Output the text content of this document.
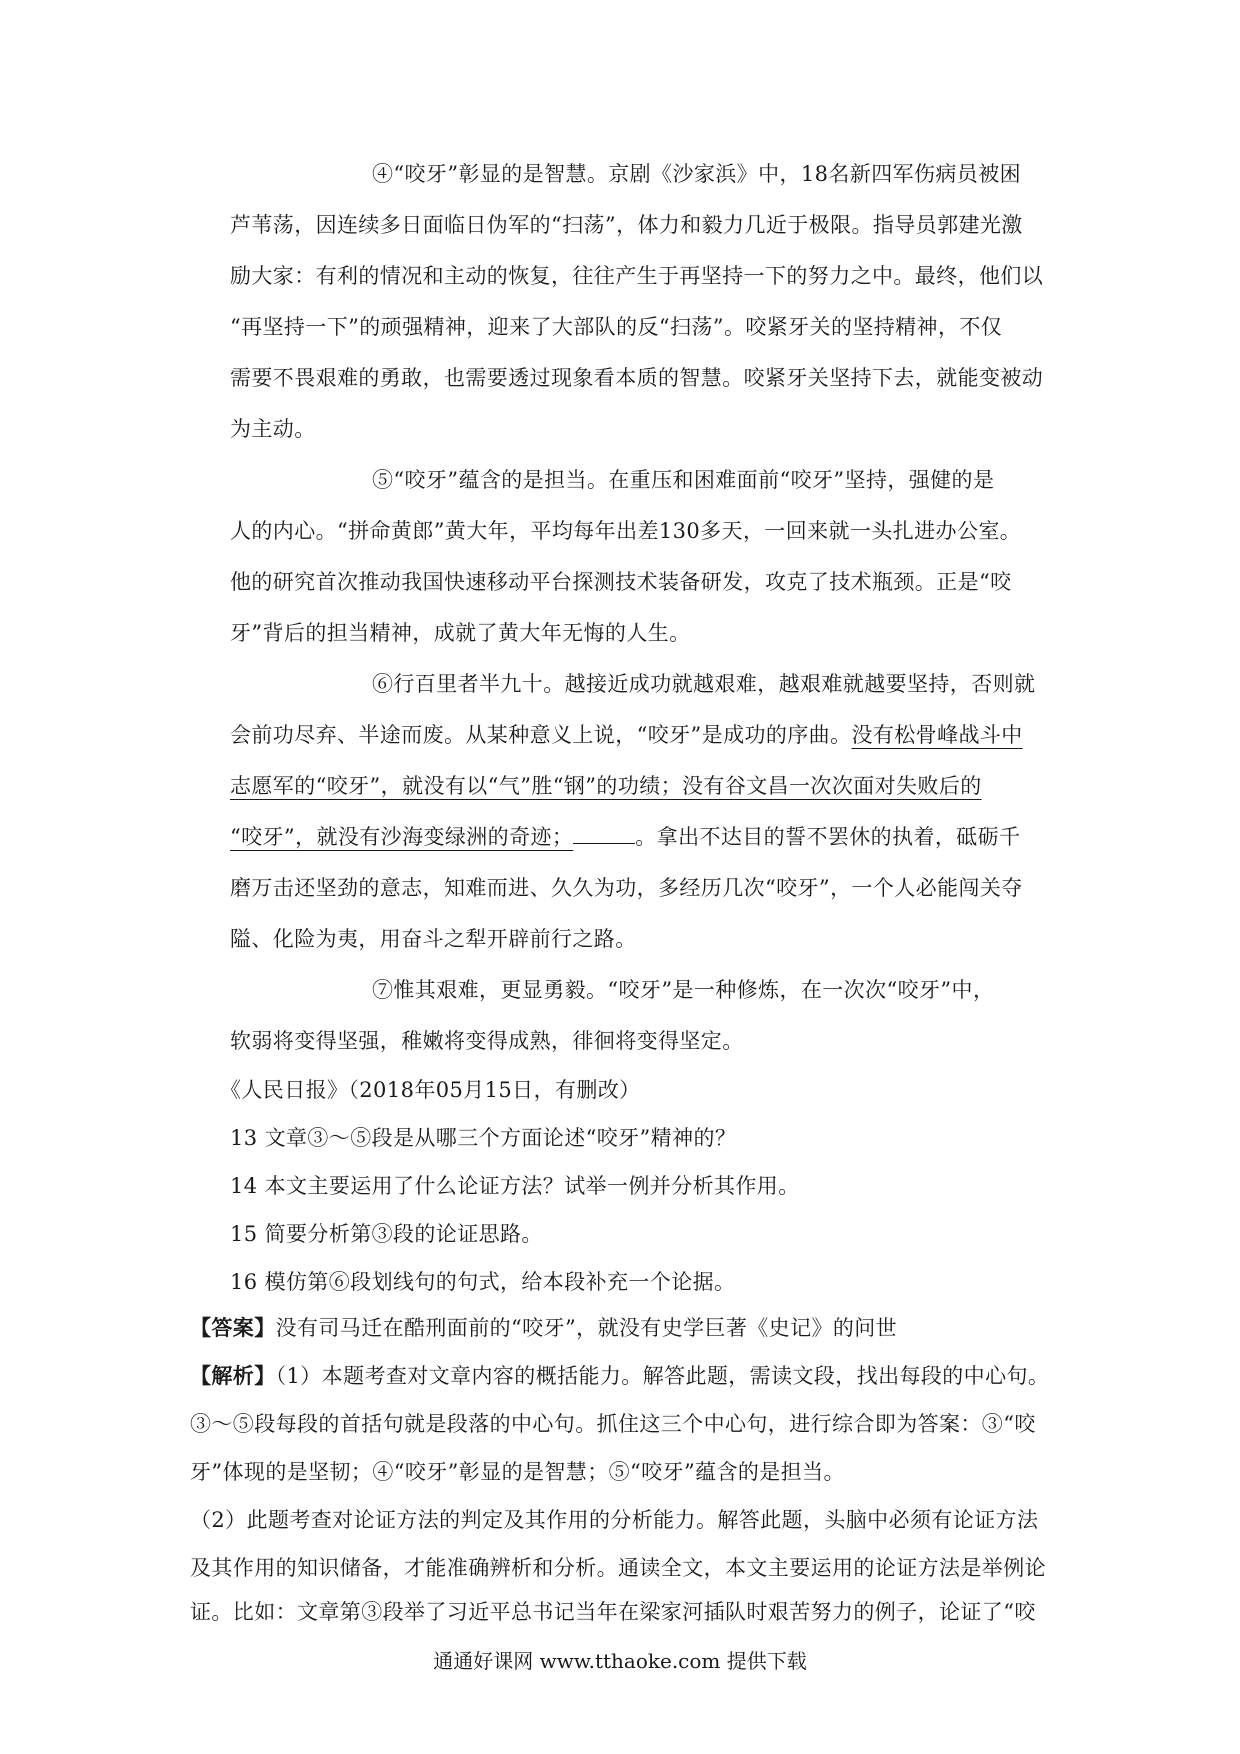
④“咬牙”彰显的是智慧。京剧《沙家浜》中，18名新四军伤病员被困

芦苇荡，因连续多日面临日伪军的“扫荡”，体力和毅力几近于极限。指导员郭建光激

励大家：有利的情况和主动的恢复，往往产生于再坚持一下的努力之中。最终，他们以

“再坚持一下”的顽强精神，迎来了大部队的反“扫荡”。咬紧牙关的坚持精神，不仅

需要不畏艰难的勇敢，也需要透过现象看本质的智慧。咬紧牙关坚持下去，就能变被动

为主动。

⑤“咬牙”蕴含的是担当。在重压和困难面前“咬牙”坚持，强健的是

人的内心。“拼命黄郎”黄大年，平均每年出差130多天，一回来就一头扎进办公室。

他的研究首次推动我国快速移动平台探测技术装备研发，攻克了技术瓶颈。正是“咬

牙”背后的担当精神，成就了黄大年无悔的人生。

⑥行百里者半九十。越接近成功就越艰难，越艰难就越要坚持，否则就

会前功尽弃、半途而废。从某种意义上说，“咬牙”是成功的序曲。没有松骨峰战斗中

志愿军的“咬牙”，就没有以“气”胜“钢”的功绩；没有谷文昌一次次面对失败后的

“咬牙”，就没有沙海变绿洲的奇迹；	。拿出不达目的誓不罢休的执着，砥砺千

磨万击还坚劲的意志，知难而进、久久为功，多经历几次“咬牙”，一个人必能闯关夺

隘、化险为夷，用奋斗之犁开辟前行之路。

⑦惟其艰难，更显勇毅。“咬牙”是一种修炼，在一次次“咬牙”中，

软弱将变得坚强，稚嫩将变得成熟，徘徊将变得坚定。

《人民日报》（2018年05月15日，有删改）

13 文章③～⑤段是从哪三个方面论述“咬牙”精神的？

14 本文主要运用了什么论证方法？试举一例并分析其作用。

15 简要分析第③段的论证思路。

16 模仿第⑥段划线句的句式，给本段补充一个论据。

【答案】没有司马迁在酷刑面前的“咬牙”，就没有史学巨著《史记》的问世

【解析】（1）本题考查对文章内容的概括能力。解答此题，需读文段，找出每段的中心句。

③～⑤段每段的首括句就是段落的中心句。抓住这三个中心句，进行综合即为答案：③“咬

牙”体现的是坚韧；④“咬牙”彰显的是智慧；⑤“咬牙”蕴含的是担当。

（2）此题考查对论证方法的判定及其作用的分析能力。解答此题，头脑中必须有论证方法

及其作用的知识储备，才能准确辨析和分析。通读全文，本文主要运用的论证方法是举例论

证。比如：文章第③段举了习近平总书记当年在梁家河插队时艰苦努力的例子，论证了“咬

通通好课网 www.tthaoke.com 提供下载
